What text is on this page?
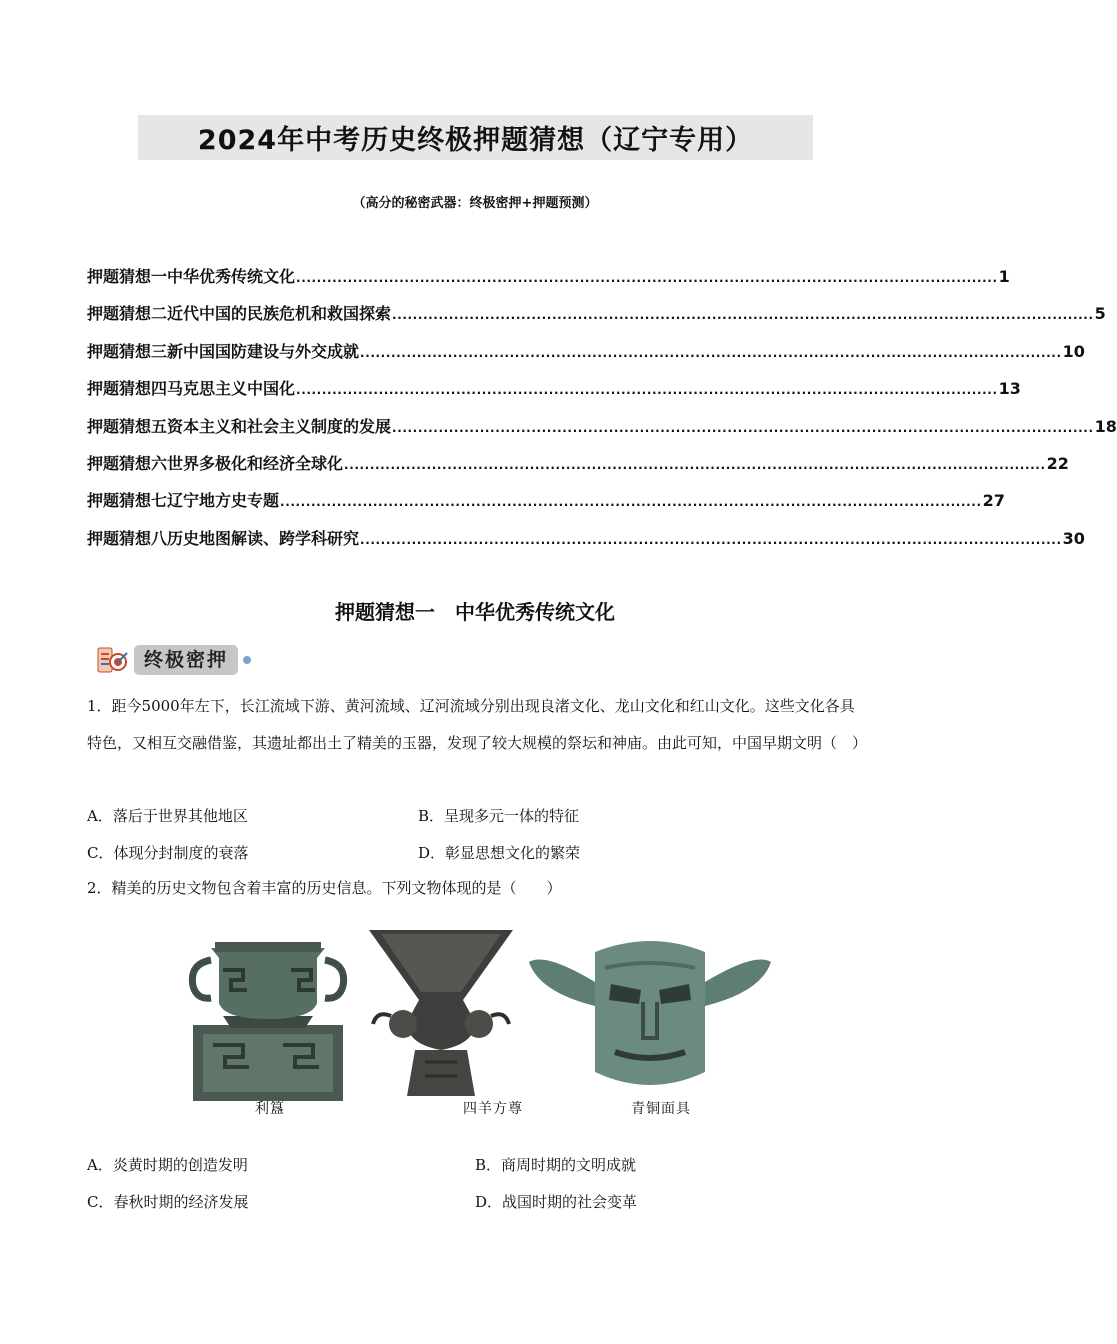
2024年中考历史终极押题猜想（辽宁专用）
（高分的秘密武器：终极密押+押题预测）
押题猜想一 中华优秀传统文化 ........................................................................................................................................ 1
押题猜想二 近代中国的民族危机和救国探索 ........................................................................................................................................ 5
押题猜想三 新中国国防建设与外交成就 ........................................................................................................................................ 10
押题猜想四 马克思主义中国化 ........................................................................................................................................ 13
押题猜想五 资本主义和社会主义制度的发展 ........................................................................................................................................ 18
押题猜想六 世界多极化和经济全球化 ........................................................................................................................................ 22
押题猜想七 辽宁地方史专题 ........................................................................................................................................ 27
押题猜想八 历史地图解读、跨学科研究 ........................................................................................................................................ 30
押题猜想一　中华优秀传统文化
终极密押
1．距今5000年左下，长江流域下游、黄河流域、辽河流域分别出现良渚文化、龙山文化和红山文化。这些文化各具特色，又相互交融借鉴，其遗址都出土了精美的玉器，发现了较大规模的祭坛和神庙。由此可知，中国早期文明（　）
A．落后于世界其他地区	B．呈现多元一体的特征
C．体现分封制度的衰落	D．彰显思想文化的繁荣
2．精美的历史文物包含着丰富的历史信息。下列文物体现的是（　　）
利簋	四羊方尊	青铜面具
A．炎黄时期的创造发明	B．商周时期的文明成就
C．春秋时期的经济发展	D．战国时期的社会变革
